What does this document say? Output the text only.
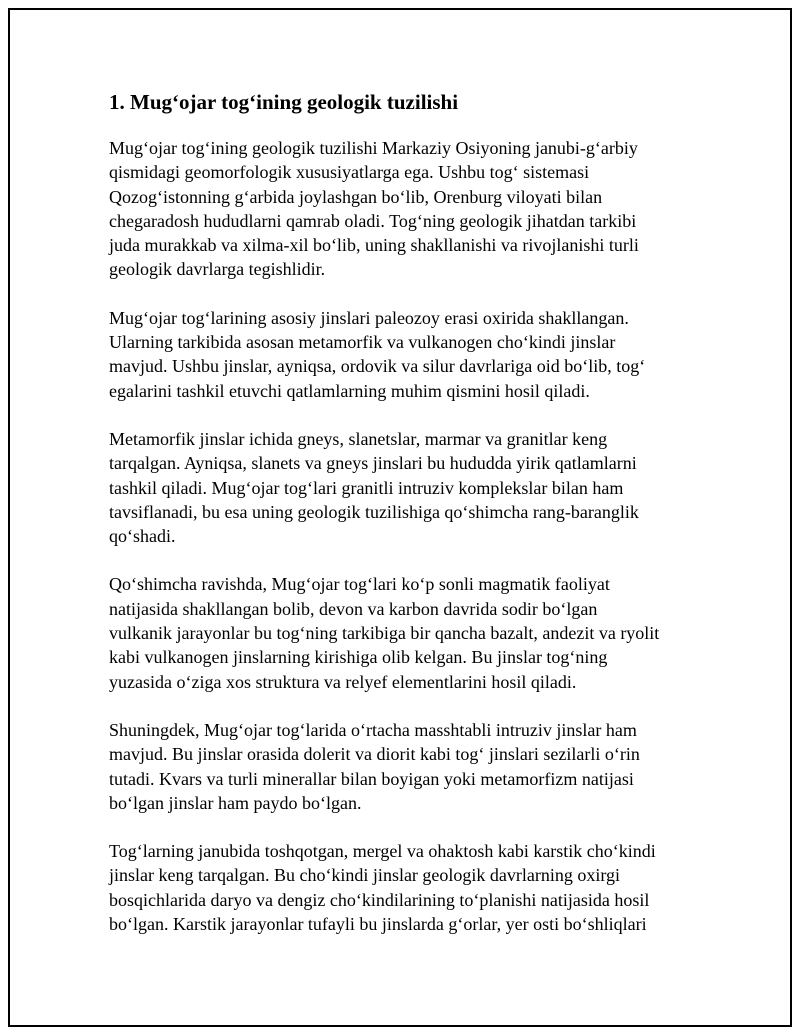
1. Mug‘ojar tog‘ining geologik tuzilishi

Mug‘ojar tog‘ining geologik tuzilishi Markaziy Osiyoning janubi-g‘arbiy
qismidagi geomorfologik xususiyatlarga ega. Ushbu tog‘ sistemasi
Qozog‘istonning g‘arbida joylashgan bo‘lib, Orenburg viloyati bilan
chegaradosh hududlarni qamrab oladi. Tog‘ning geologik jihatdan tarkibi
juda murakkab va xilma-xil bo‘lib, uning shakllanishi va rivojlanishi turli
geologik davrlarga tegishlidir.

Mug‘ojar tog‘larining asosiy jinslari paleozoy erasi oxirida shakllangan.
Ularning tarkibida asosan metamorfik va vulkanogen cho‘kindi jinslar
mavjud. Ushbu jinslar, ayniqsa, ordovik va silur davrlariga oid bo‘lib, tog‘
egalarini tashkil etuvchi qatlamlarning muhim qismini hosil qiladi.

Metamorfik jinslar ichida gneys, slanetslar, marmar va granitlar keng
tarqalgan. Ayniqsa, slanets va gneys jinslari bu hududda yirik qatlamlarni
tashkil qiladi. Mug‘ojar tog‘lari granitli intruziv komplekslar bilan ham
tavsiflanadi, bu esa uning geologik tuzilishiga qo‘shimcha rang-baranglik
qo‘shadi.

Qo‘shimcha ravishda, Mug‘ojar tog‘lari ko‘p sonli magmatik faoliyat
natijasida shakllangan bolib, devon va karbon davrida sodir bo‘lgan
vulkanik jarayonlar bu tog‘ning tarkibiga bir qancha bazalt, andezit va ryolit
kabi vulkanogen jinslarning kirishiga olib kelgan. Bu jinslar tog‘ning
yuzasida o‘ziga xos struktura va relyef elementlarini hosil qiladi.

Shuningdek, Mug‘ojar tog‘larida o‘rtacha masshtabli intruziv jinslar ham
mavjud. Bu jinslar orasida dolerit va diorit kabi tog‘ jinslari sezilarli o‘rin
tutadi. Kvars va turli minerallar bilan boyigan yoki metamorfizm natijasi
bo‘lgan jinslar ham paydo bo‘lgan.

Tog‘larning janubida toshqotgan, mergel va ohaktosh kabi karstik cho‘kindi
jinslar keng tarqalgan. Bu cho‘kindi jinslar geologik davrlarning oxirgi
bosqichlarida daryo va dengiz cho‘kindilarining to‘planishi natijasida hosil
bo‘lgan. Karstik jarayonlar tufayli bu jinslarda g‘orlar, yer osti bo‘shliqlari
